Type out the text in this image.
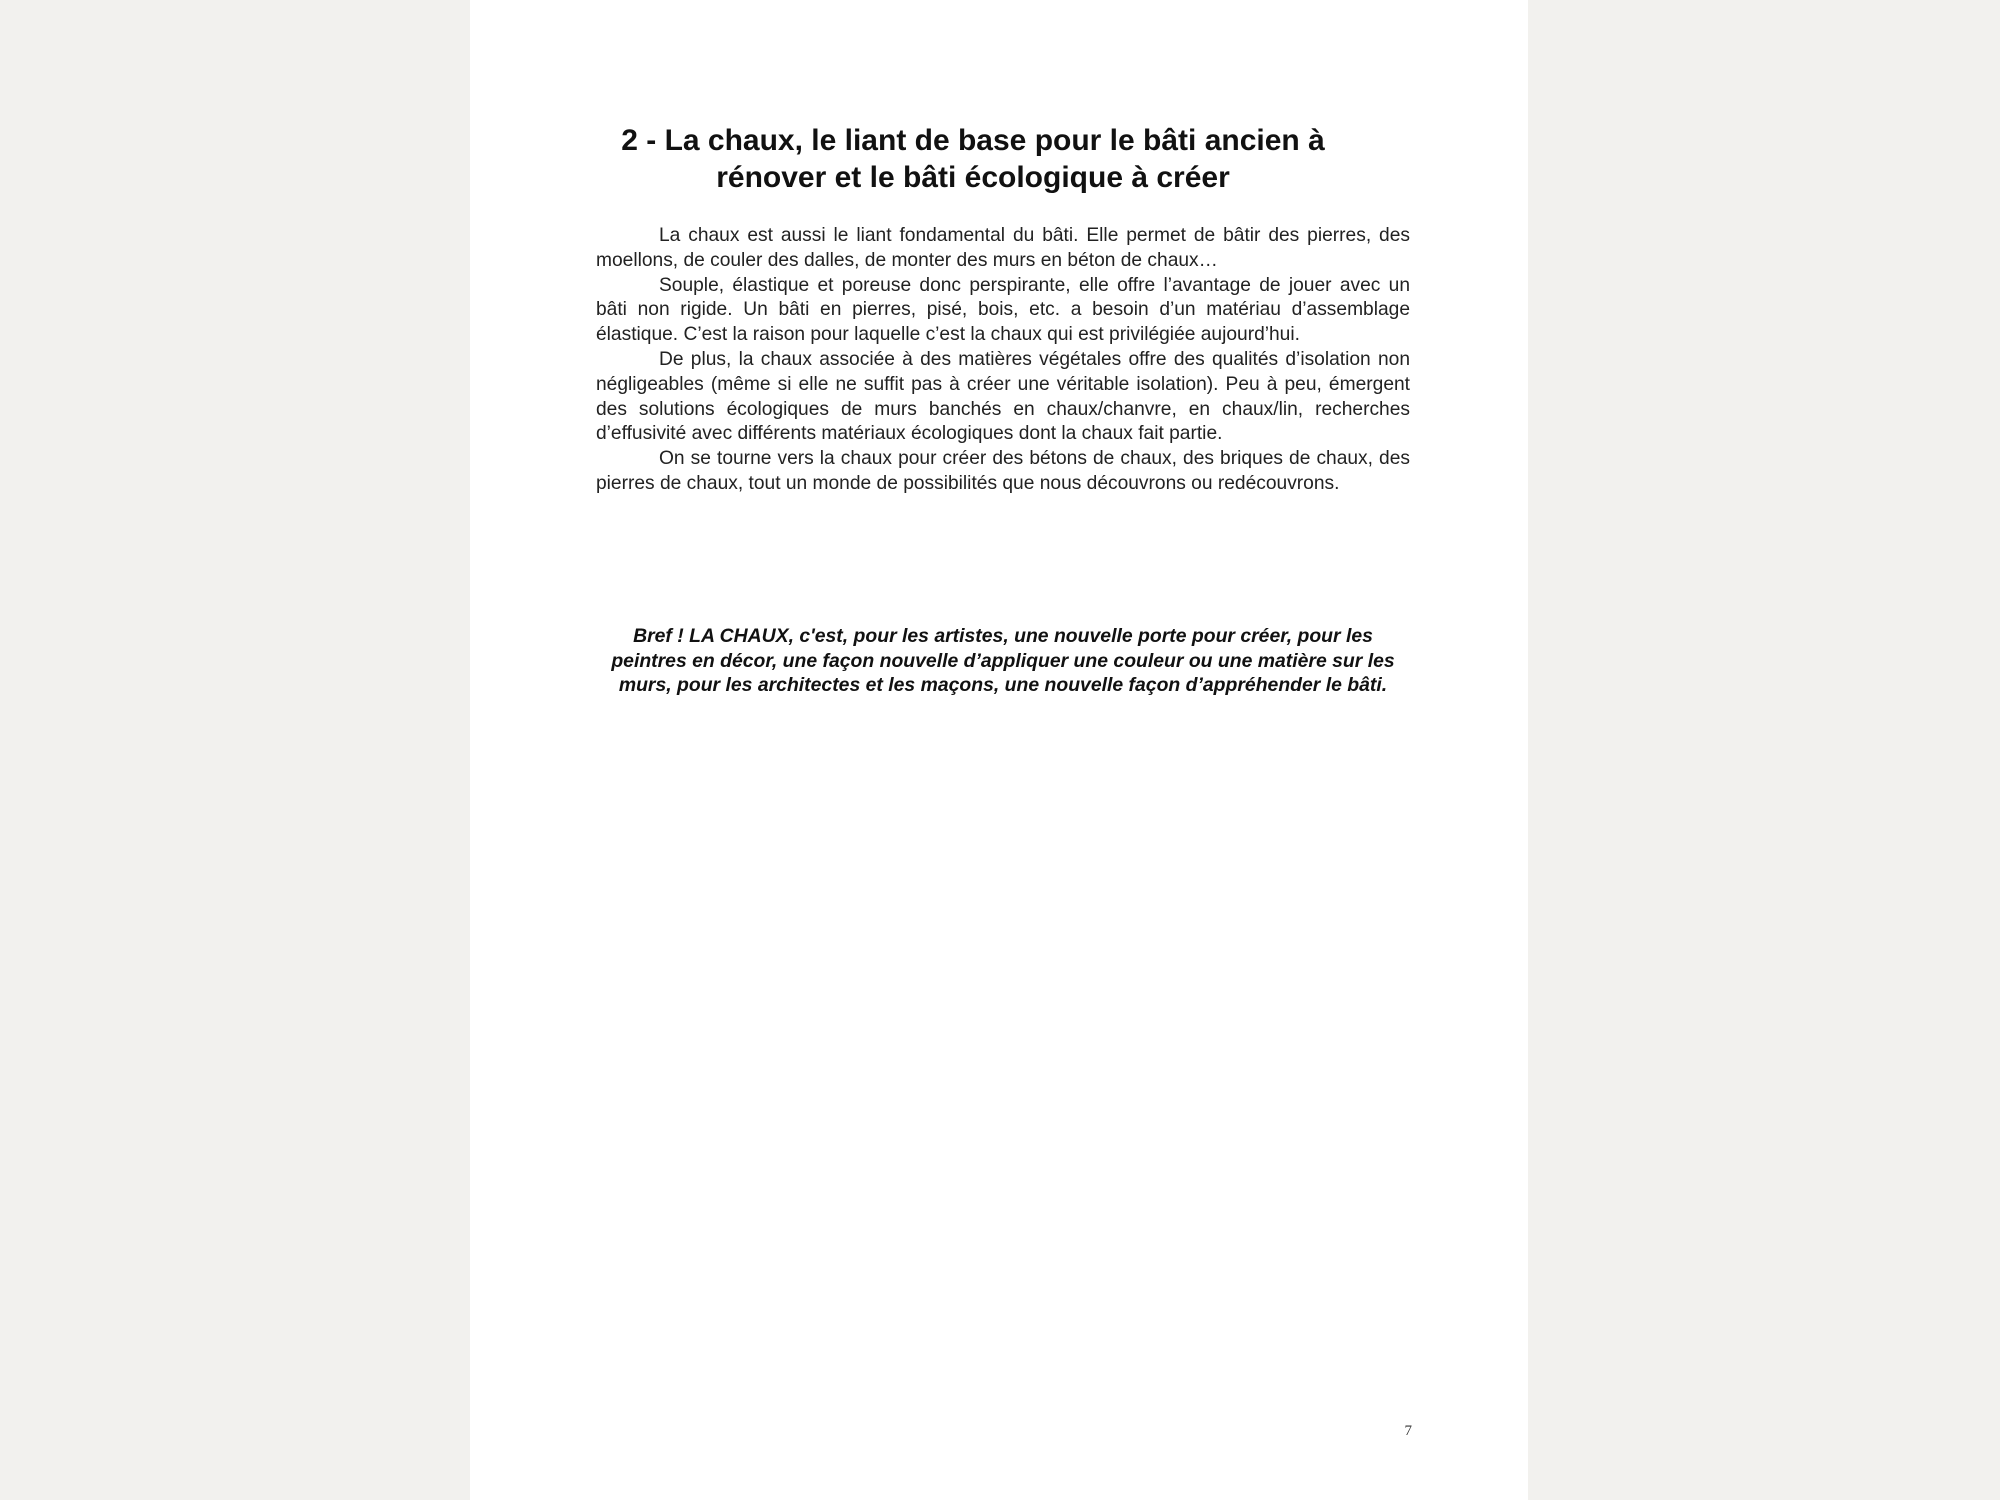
2 - La chaux, le liant de base pour le bâti ancien à rénover et le bâti écologique à créer

La chaux est aussi le liant fondamental du bâti. Elle permet de bâtir des pierres, des moellons, de couler des dalles, de monter des murs en béton de chaux…

Souple, élastique et poreuse donc perspirante, elle offre l’avantage de jouer avec un bâti non rigide. Un bâti en pierres, pisé, bois, etc. a besoin d’un matériau d’assemblage élastique. C’est la raison pour laquelle c’est la chaux qui est privilégiée aujourd’hui.

De plus, la chaux associée à des matières végétales offre des qualités d’isolation non négligeables (même si elle ne suffit pas à créer une véritable isolation). Peu à peu, émergent des solutions écologiques de murs banchés en chaux/chanvre, en chaux/lin, recherches d’effusivité avec différents matériaux écologiques dont la chaux fait partie.

On se tourne vers la chaux pour créer des bétons de chaux, des briques de chaux, des pierres de chaux, tout un monde de possibilités que nous découvrons ou redécouvrons.

Bref ! LA CHAUX, c'est, pour les artistes, une nouvelle porte pour créer, pour les peintres en décor, une façon nouvelle d’appliquer une couleur ou une matière sur les murs, pour les architectes et les maçons, une nouvelle façon d’appréhender le bâti.

7
